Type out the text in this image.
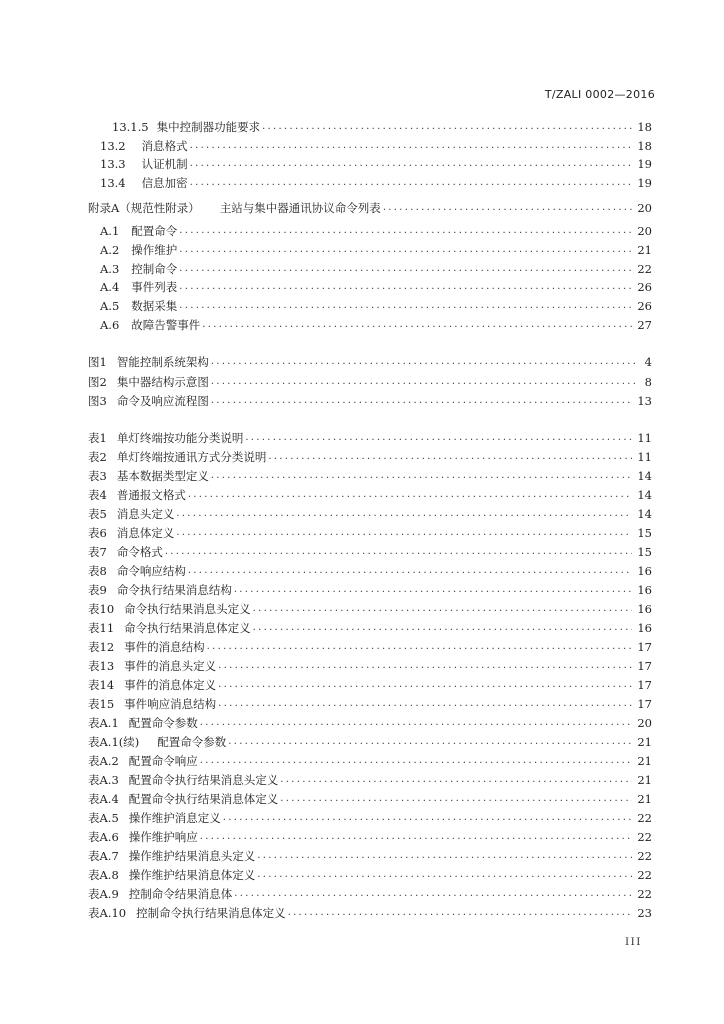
T/ZALI 0002—2016
13.1.5 集中控制器功能要求 .....	18
13.2 消息格式 .....	18
13.3 认证机制 .....	19
13.4 信息加密 .....	19
附录A（规范性附录） 主站与集中器通讯协议命令列表 .....	20
A.1 配置命令 .....	20
A.2 操作维护 .....	21
A.3 控制命令 .....	22
A.4 事件列表 .....	26
A.5 数据采集 .....	26
A.6 故障告警事件 .....	27
图1 智能控制系统架构 .....	4
图2 集中器结构示意图 .....	8
图3 命令及响应流程图 .....	13
表1 单灯终端按功能分类说明 .....	11
表2 单灯终端按通讯方式分类说明 .....	11
表3 基本数据类型定义 .....	14
表4 普通报文格式 .....	14
表5 消息头定义 .....	14
表6 消息体定义 .....	15
表7 命令格式 .....	15
表8 命令响应结构 .....	16
表9 命令执行结果消息结构 .....	16
表10 命令执行结果消息头定义 .....	16
表11 命令执行结果消息体定义 .....	16
表12 事件的消息结构 .....	17
表13 事件的消息头定义 .....	17
表14 事件的消息体定义 .....	17
表15 事件响应消息结构 .....	17
表A.1 配置命令参数 .....	20
表A.1(续) 配置命令参数 .....	21
表A.2 配置命令响应 .....	21
表A.3 配置命令执行结果消息头定义 .....	21
表A.4 配置命令执行结果消息体定义 .....	21
表A.5 操作维护消息定义 .....	22
表A.6 操作维护响应 .....	22
表A.7 操作维护结果消息头定义 .....	22
表A.8 操作维护结果消息体定义 .....	22
表A.9 控制命令结果消息体 .....	22
表A.10 控制命令执行结果消息体定义 .....	23
III
